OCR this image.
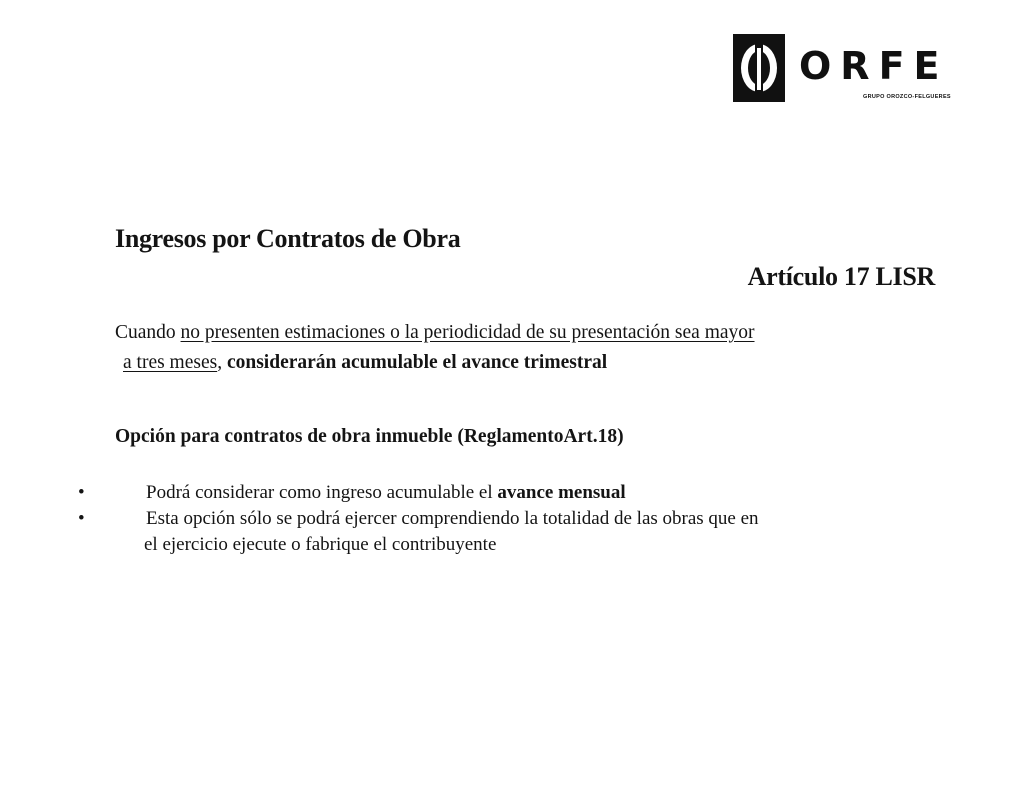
ORFE
GRUPO OROZCO-FELGUERES
Ingresos por Contratos de Obra
Artículo 17 LISR
Cuando no presenten estimaciones o la periodicidad de su presentación sea mayor
a tres meses, considerarán acumulable el avance trimestral
Opción para contratos de obra inmueble (ReglamentoArt.18)
•	Podrá considerar como ingreso acumulable el avance mensual
•	Esta opción sólo se podrá ejercer comprendiendo la totalidad de las obras que en
el ejercicio ejecute o fabrique el contribuyente
